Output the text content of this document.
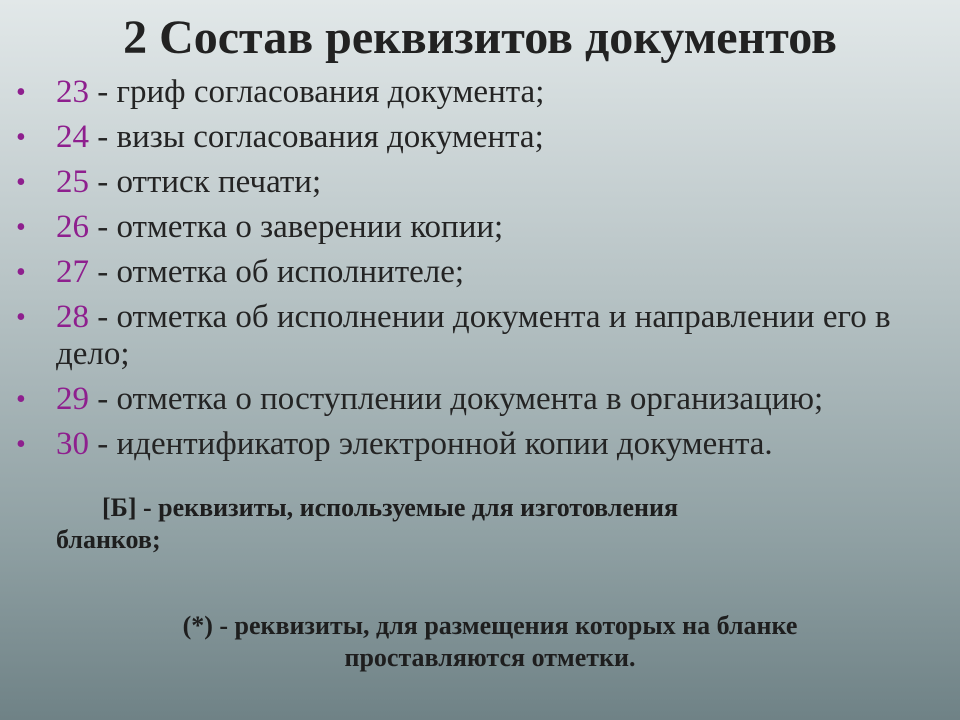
2 Состав реквизитов документов
• 23 - гриф согласования документа;
• 24 - визы согласования документа;
• 25 - оттиск печати;
• 26 - отметка о заверении копии;
• 27 - отметка об исполнителе;
• 28 - отметка об исполнении документа и направлении его в дело;
• 29 - отметка о поступлении документа в организацию;
• 30 - идентификатор электронной копии документа.
[Б] - реквизиты, используемые для изготовления
бланков;
(*) - реквизиты, для размещения которых на бланке
проставляются отметки.
